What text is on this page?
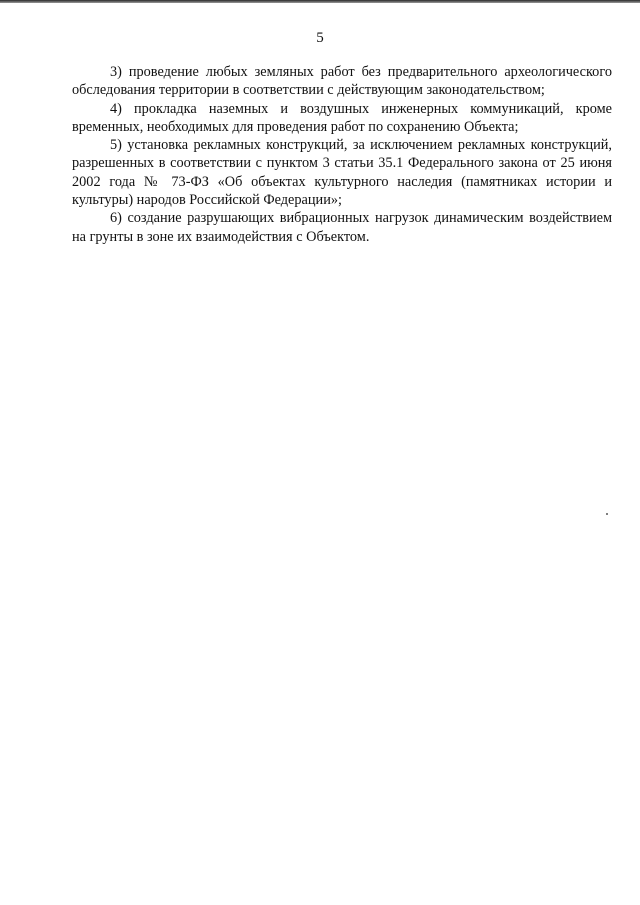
5

3) проведение любых земляных работ без предварительного археологического обследования территории в соответствии с действующим законодательством;

4) прокладка наземных и воздушных инженерных коммуникаций, кроме временных, необходимых для проведения работ по сохранению Объекта;

5) установка рекламных конструкций, за исключением рекламных конструкций, разрешенных в соответствии с пунктом 3 статьи 35.1 Федерального закона от 25 июня 2002 года № 73-ФЗ «Об объектах культурного наследия (памятниках истории и культуры) народов Российской Федерации»;

6) создание разрушающих вибрационных нагрузок динамическим воздействием на грунты в зоне их взаимодействия с Объектом.
